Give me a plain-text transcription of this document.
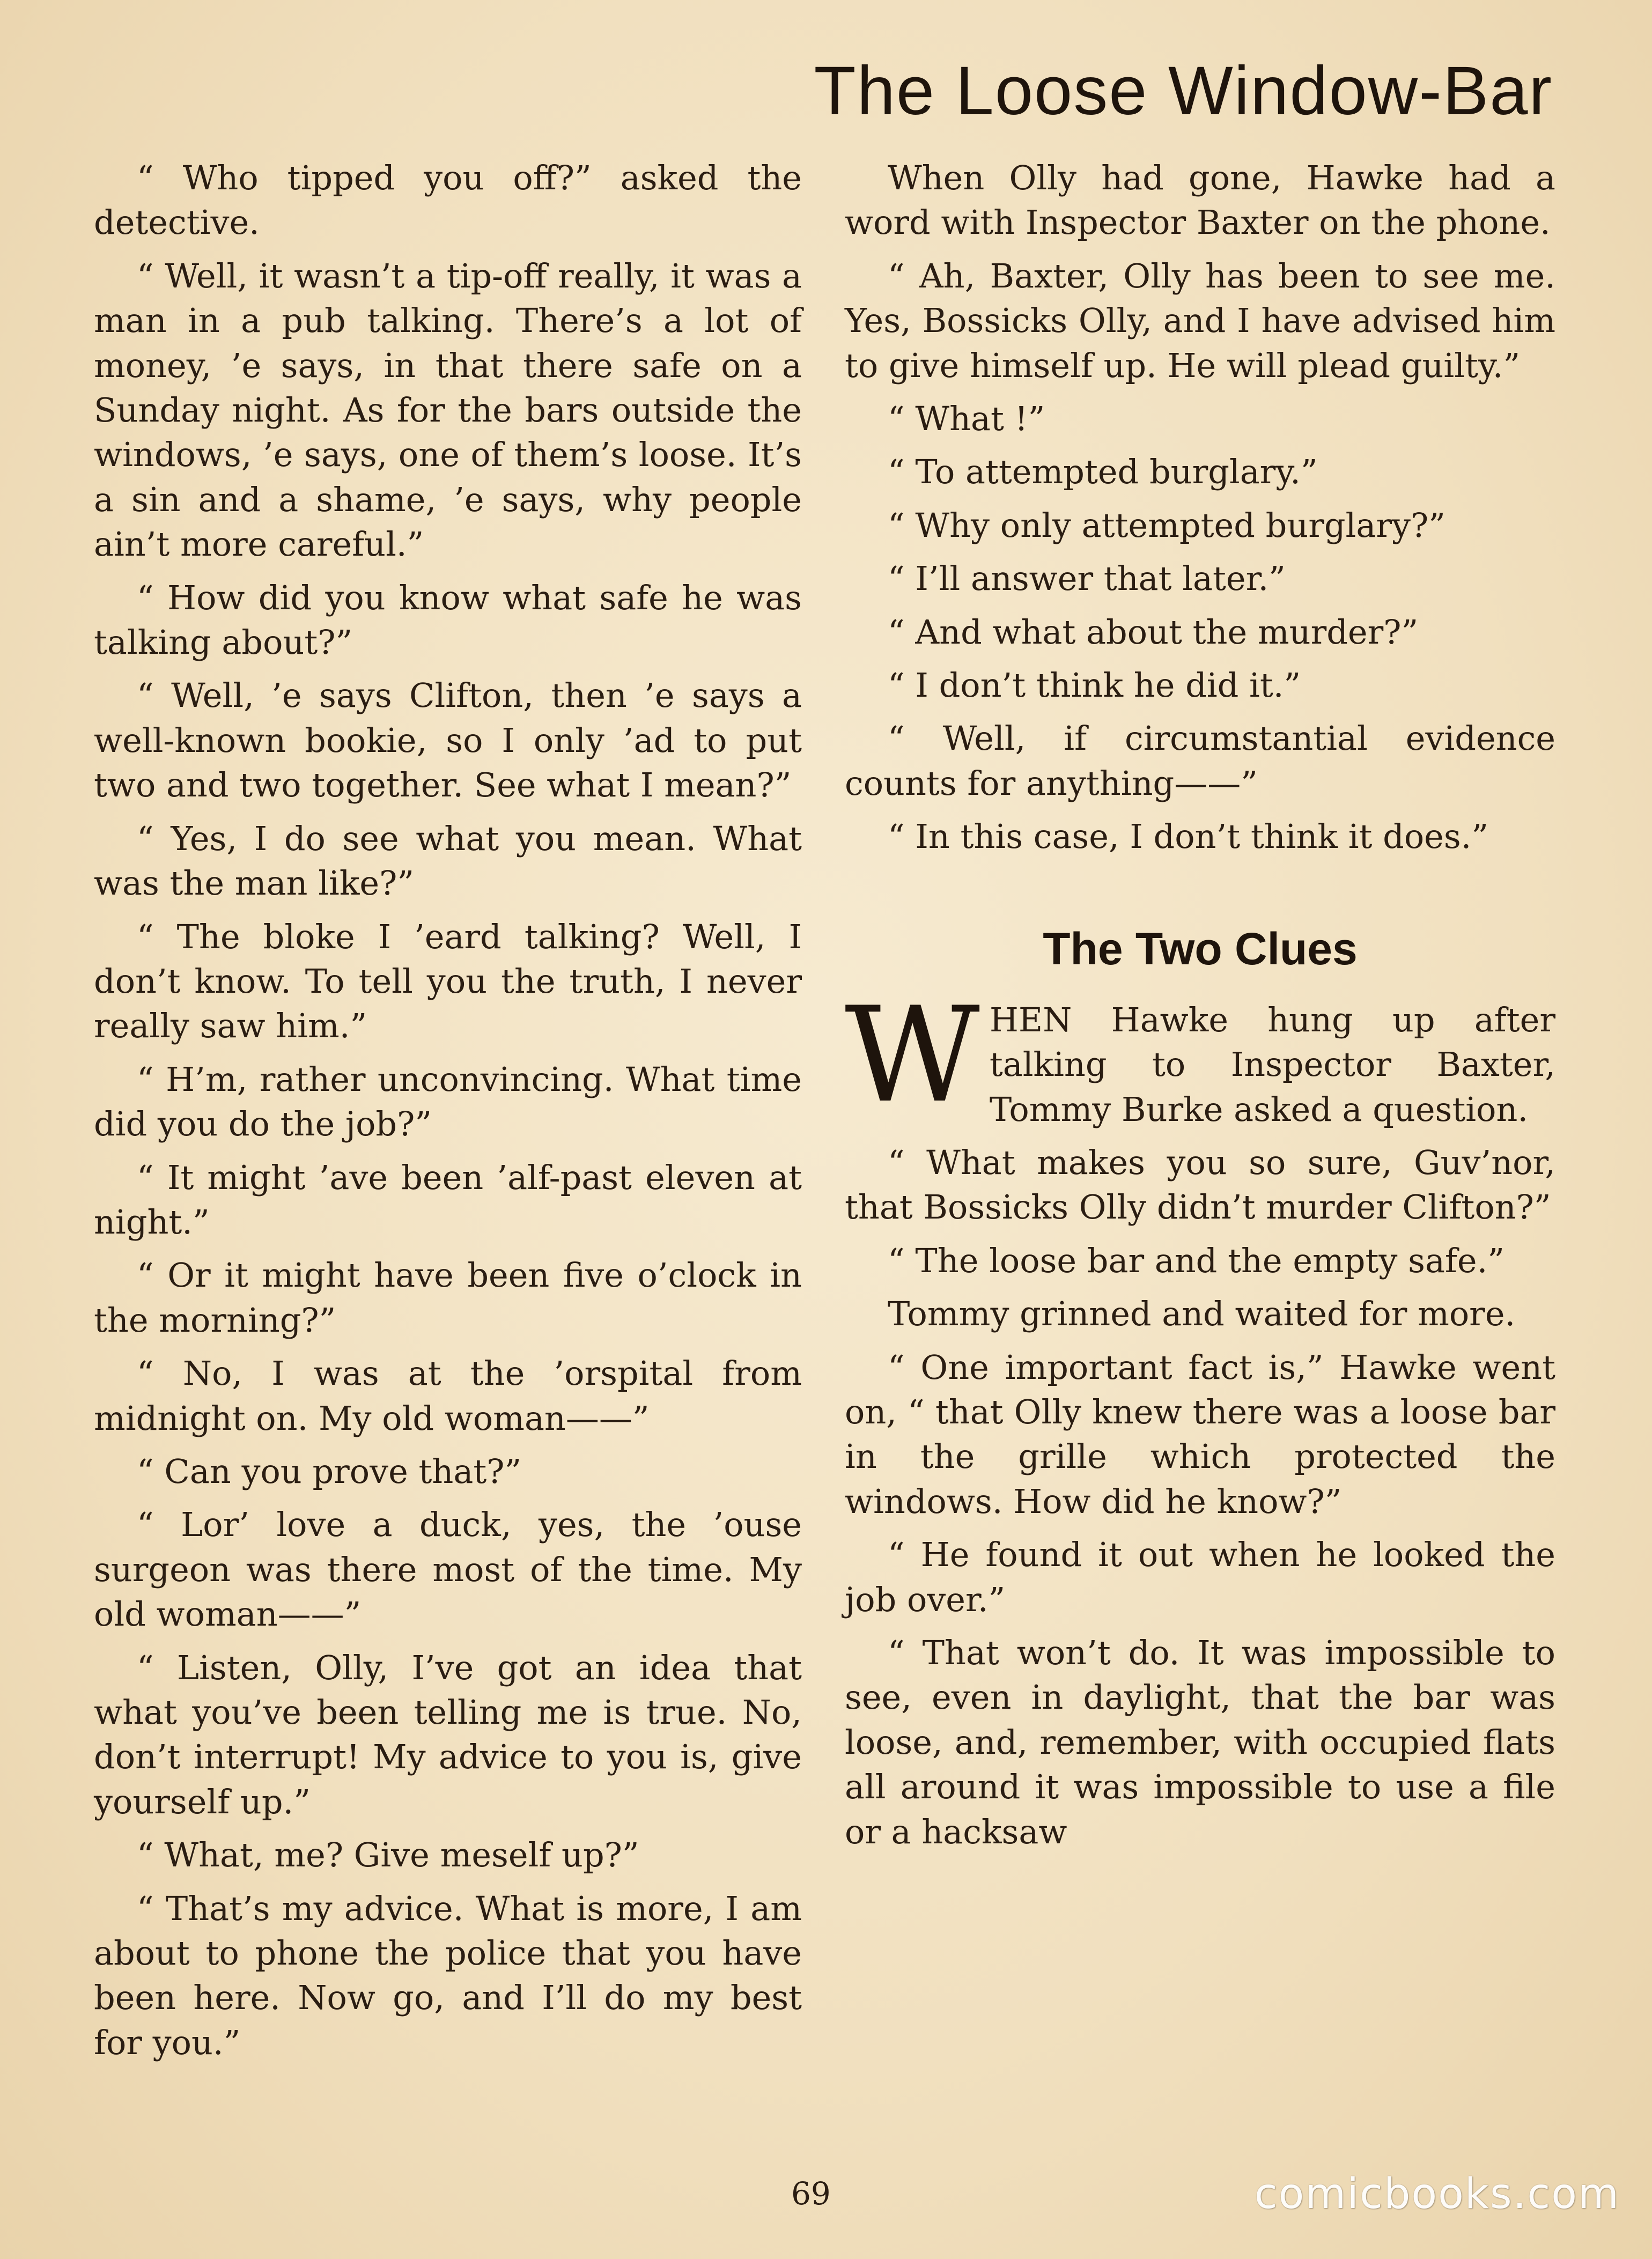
The Loose Window-Bar

“ Who tipped you off?” asked the detective.

“ Well, it wasn’t a tip-off really, it was a man in a pub talking. There’s a lot of money, ’e says, in that there safe on a Sunday night. As for the bars outside the windows, ’e says, one of them’s loose. It’s a sin and a shame, ’e says, why people ain’t more careful.”

“ How did you know what safe he was talking about?”

“ Well, ’e says Clifton, then ’e says a well-known bookie, so I only ’ad to put two and two together. See what I mean?”

“ Yes, I do see what you mean. What was the man like?”

“ The bloke I ’eard talking? Well, I don’t know. To tell you the truth, I never really saw him.”

“ H’m, rather unconvincing. What time did you do the job?”

“ It might ’ave been ’alf-past eleven at night.”

“ Or it might have been five o’clock in the morning?”

“ No, I was at the ’orspital from midnight on. My old woman——”

“ Can you prove that?”

“ Lor’ love a duck, yes, the ’ouse surgeon was there most of the time. My old woman——”

“ Listen, Olly, I’ve got an idea that what you’ve been telling me is true. No, don’t interrupt! My advice to you is, give yourself up.”

“ What, me? Give meself up?”

“ That’s my advice. What is more, I am about to phone the police that you have been here. Now go, and I’ll do my best for you.”

When Olly had gone, Hawke had a word with Inspector Baxter on the phone.

“ Ah, Baxter, Olly has been to see me. Yes, Bossicks Olly, and I have advised him to give himself up. He will plead guilty.”

“ What !”

“ To attempted burglary.”

“ Why only attempted burglary?”

“ I’ll answer that later.”

“ And what about the murder?”

“ I don’t think he did it.”

“ Well, if circumstantial evidence counts for anything——”

“ In this case, I don’t think it does.”

The Two Clues

WHEN Hawke hung up after talking to Inspector Baxter, Tommy Burke asked a question.

“ What makes you so sure, Guv’nor, that Bossicks Olly didn’t murder Clifton?”

“ The loose bar and the empty safe.”

Tommy grinned and waited for more.

“ One important fact is,” Hawke went on, “ that Olly knew there was a loose bar in the grille which protected the windows. How did he know?”

“ He found it out when he looked the job over.”

“ That won’t do. It was impossible to see, even in daylight, that the bar was loose, and, remember, with occupied flats all around it was impossible to use a file or a hacksaw

69	comicbooks.com
